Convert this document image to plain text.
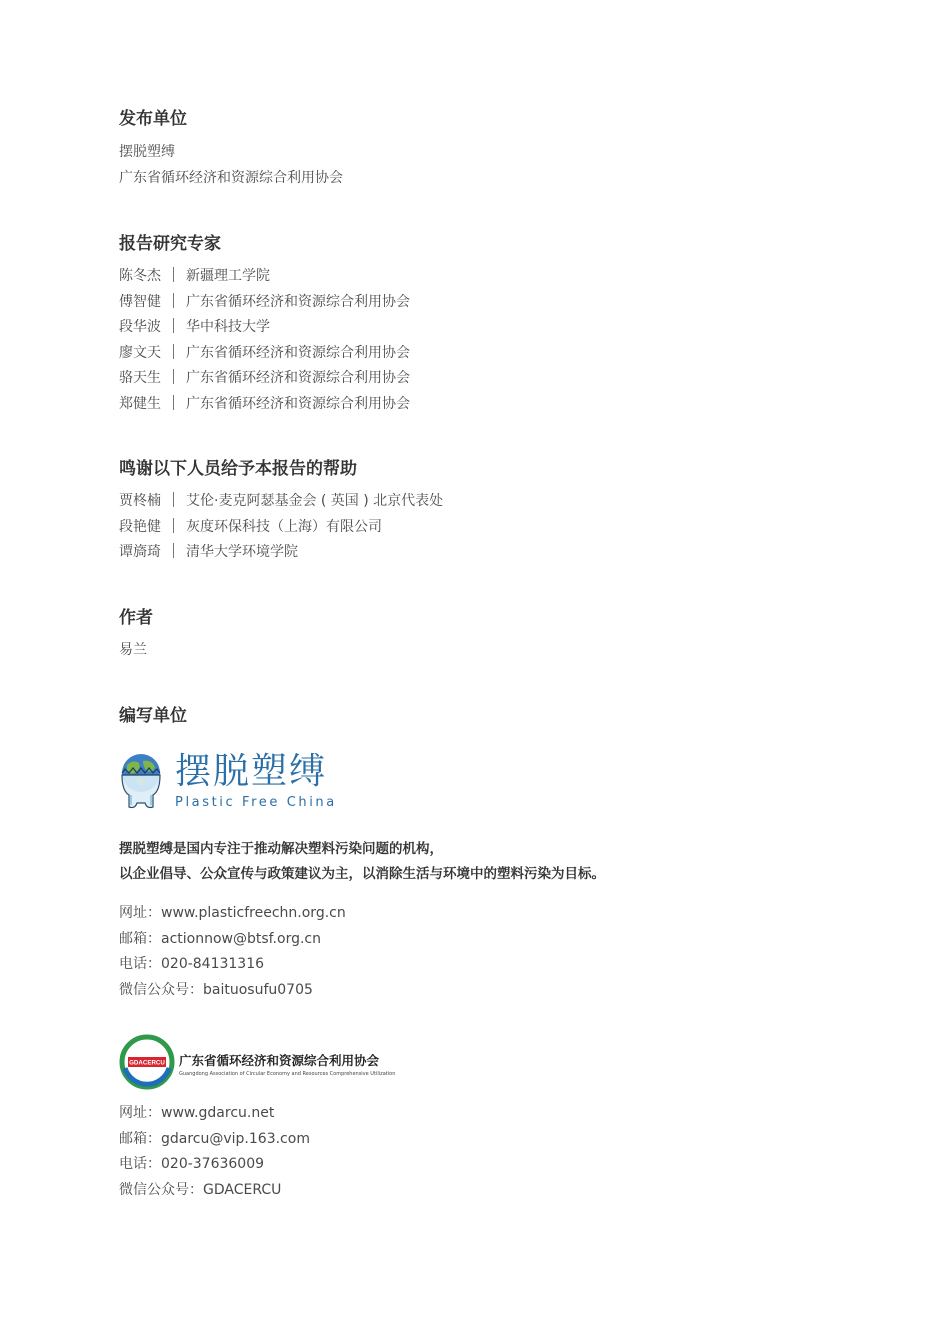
发布单位
摆脱塑缚
广东省循环经济和资源综合利用协会
报告研究专家
陈冬杰 新疆理工学院
傅智健 广东省循环经济和资源综合利用协会
段华波 华中科技大学
廖文天 广东省循环经济和资源综合利用协会
骆天生 广东省循环经济和资源综合利用协会
郑健生 广东省循环经济和资源综合利用协会
鸣谢以下人员给予本报告的帮助
贾柊楠 艾伦·麦克阿瑟基金会 ( 英国 ) 北京代表处
段艳健 灰度环保科技（上海）有限公司
谭旖琦 清华大学环境学院
作者
易兰
编写单位
摆脱塑缚
Plastic Free China
摆脱塑缚是国内专注于推动解决塑料污染问题的机构，
以企业倡导、公众宣传与政策建议为主，以消除生活与环境中的塑料污染为目标。
网址：www.plasticfreechn.org.cn
邮箱：actionnow@btsf.org.cn
电话：020-84131316
微信公众号：baituosufu0705
GDACERCU 广东省循环经济和资源综合利用协会
Guangdong Association of Circular Economy and Resources Comprehensive Utilization
网址：www.gdarcu.net
邮箱：gdarcu@vip.163.com
电话：020-37636009
微信公众号：GDACERCU
